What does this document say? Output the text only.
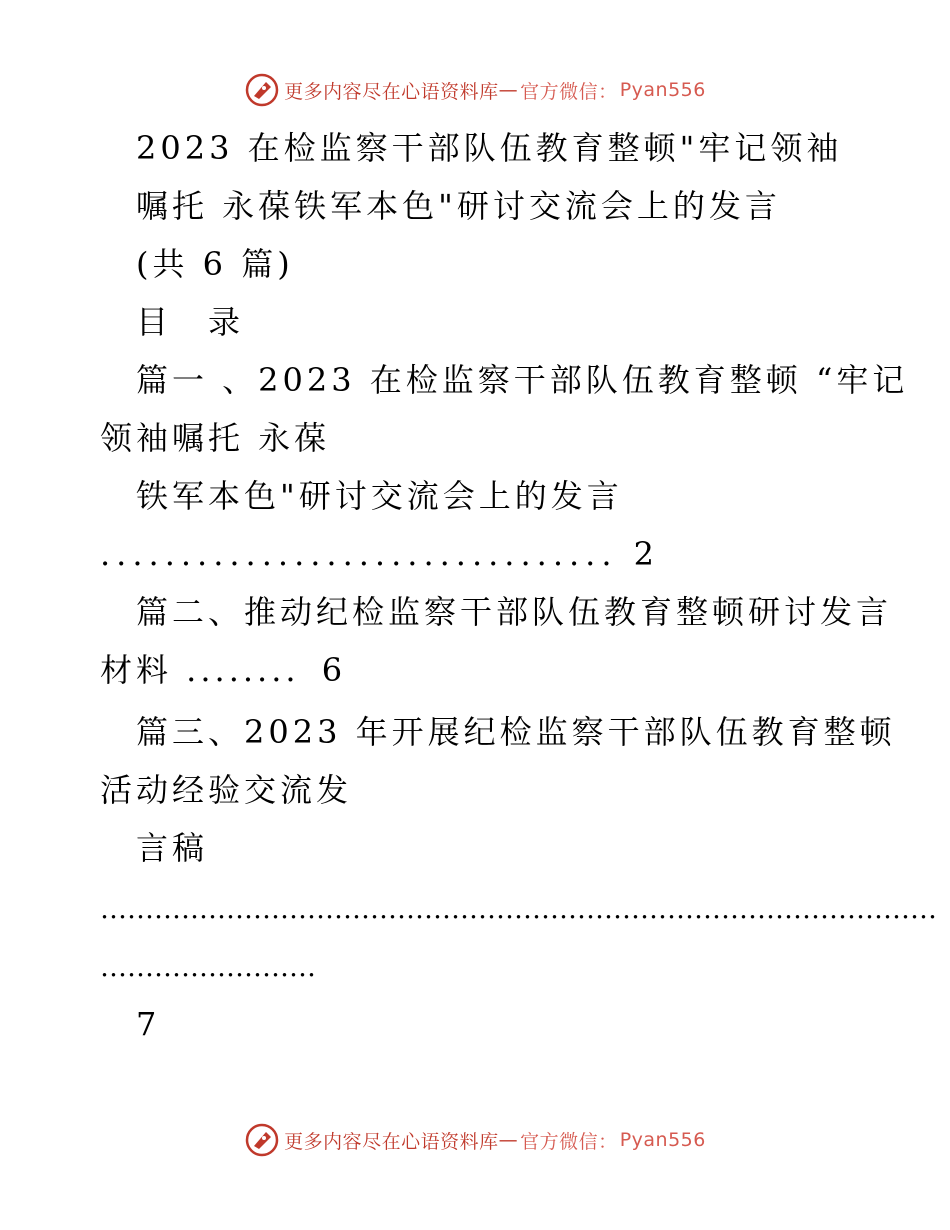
更多内容尽在心语资料库 — 官方微信： Pyan556
2023 在检监察干部队伍教育整顿"牢记领袖
嘱托 永葆铁军本色"研讨交流会上的发言
(共 6 篇)
目　录
篇一 、2023 在检监察干部队伍教育整顿 “牢记
领袖嘱托 永葆
铁军本色"研讨交流会上的发言
................................ 2
篇二、推动纪检监察干部队伍教育整顿研讨发言
材料 ........ 6
篇三、2023 年开展纪检监察干部队伍教育整顿
活动经验交流发
言稿
…………………………………………………………………………………
……………………
7
更多内容尽在心语资料库 — 官方微信： Pyan556
